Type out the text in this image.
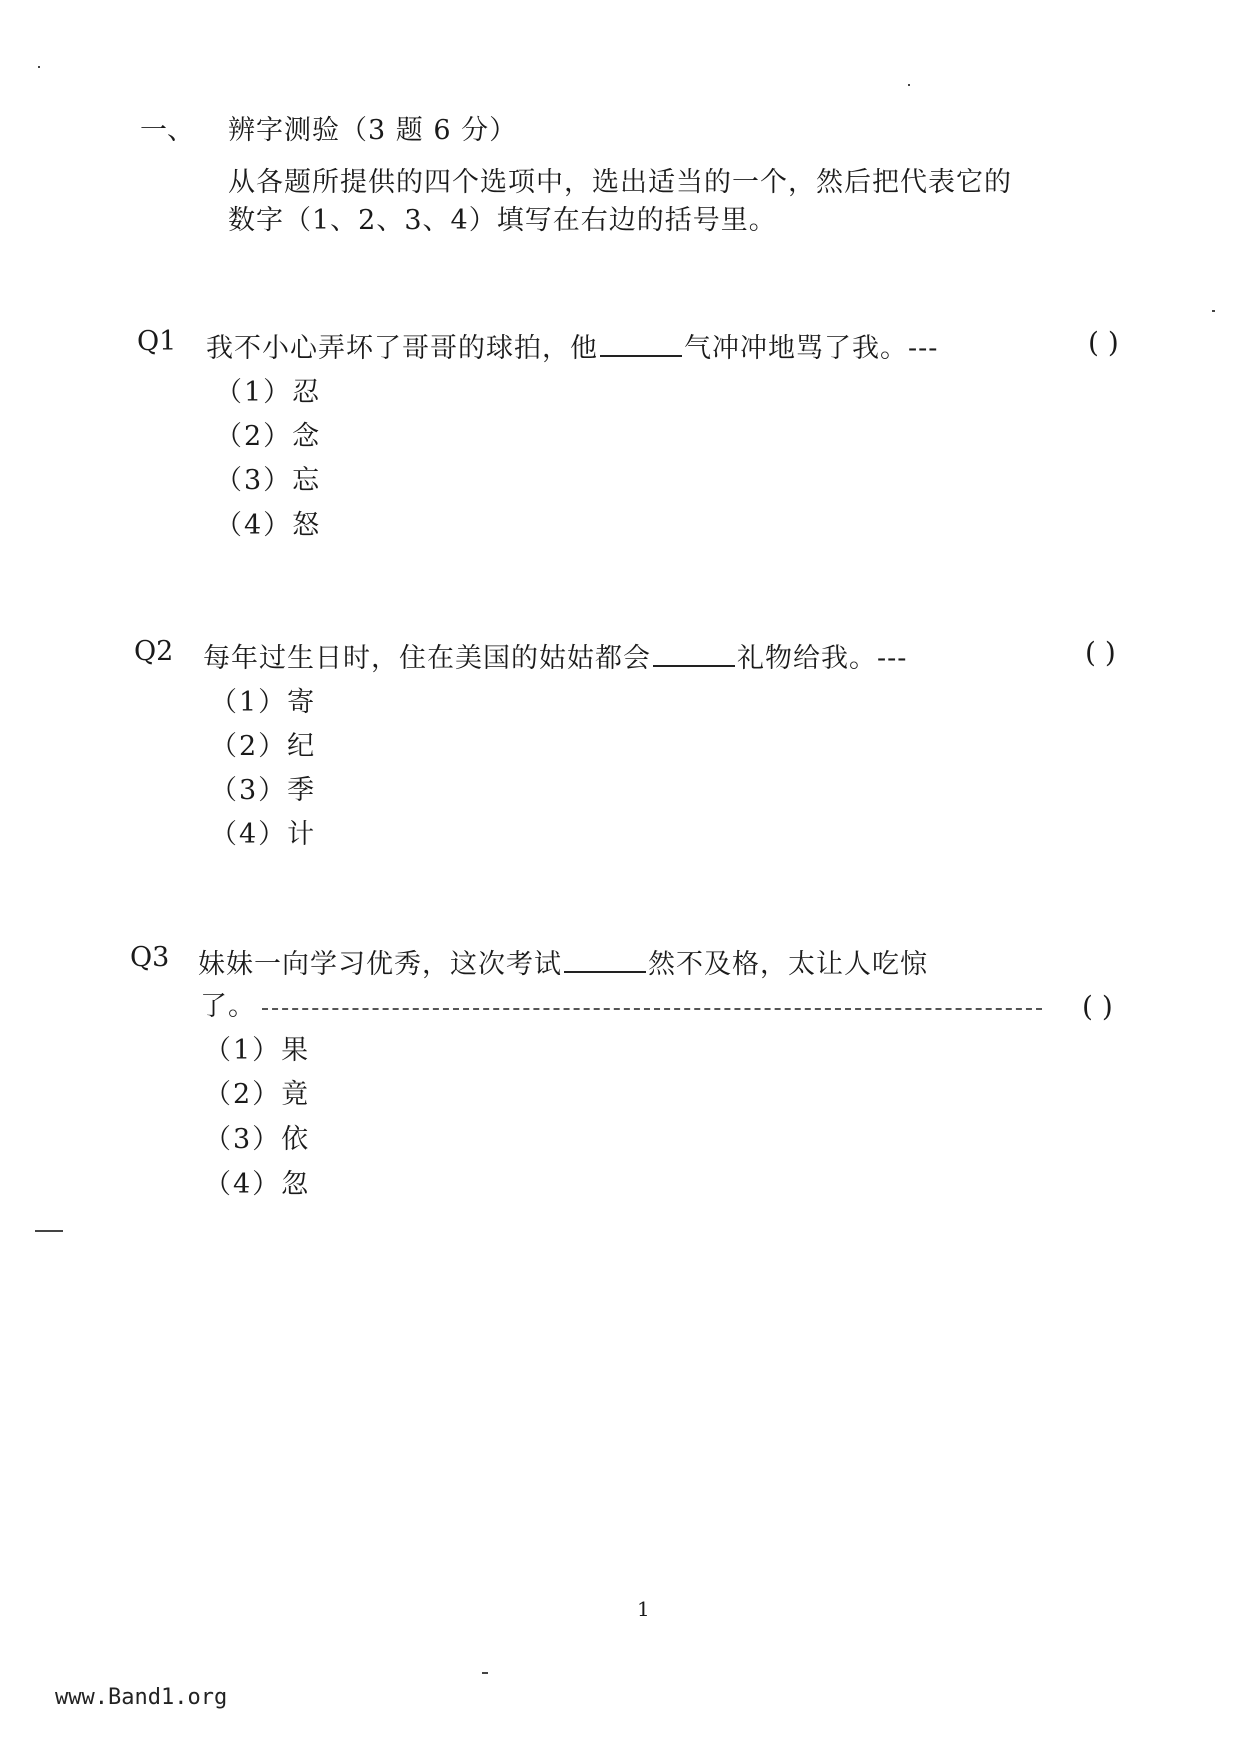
一、 辨字测验（3 题 6 分）
从各题所提供的四个选项中，选出适当的一个，然后把代表它的
数字（1、2、3、4）填写在右边的括号里。
Q1 我不小心弄坏了哥哥的球拍，他	气冲冲地骂了我。---	( )
（1）忍
（2）念
（3）忘
（4）怒
Q2 每年过生日时，住在美国的姑姑都会	礼物给我。---	( )
（1）寄
（2）纪
（3）季
（4）计
Q3 妹妹一向学习优秀，这次考试	然不及格，太让人吃惊
了。	( )
（1）果
（2）竟
（3）依
（4）忽
1
www.Band1.org
